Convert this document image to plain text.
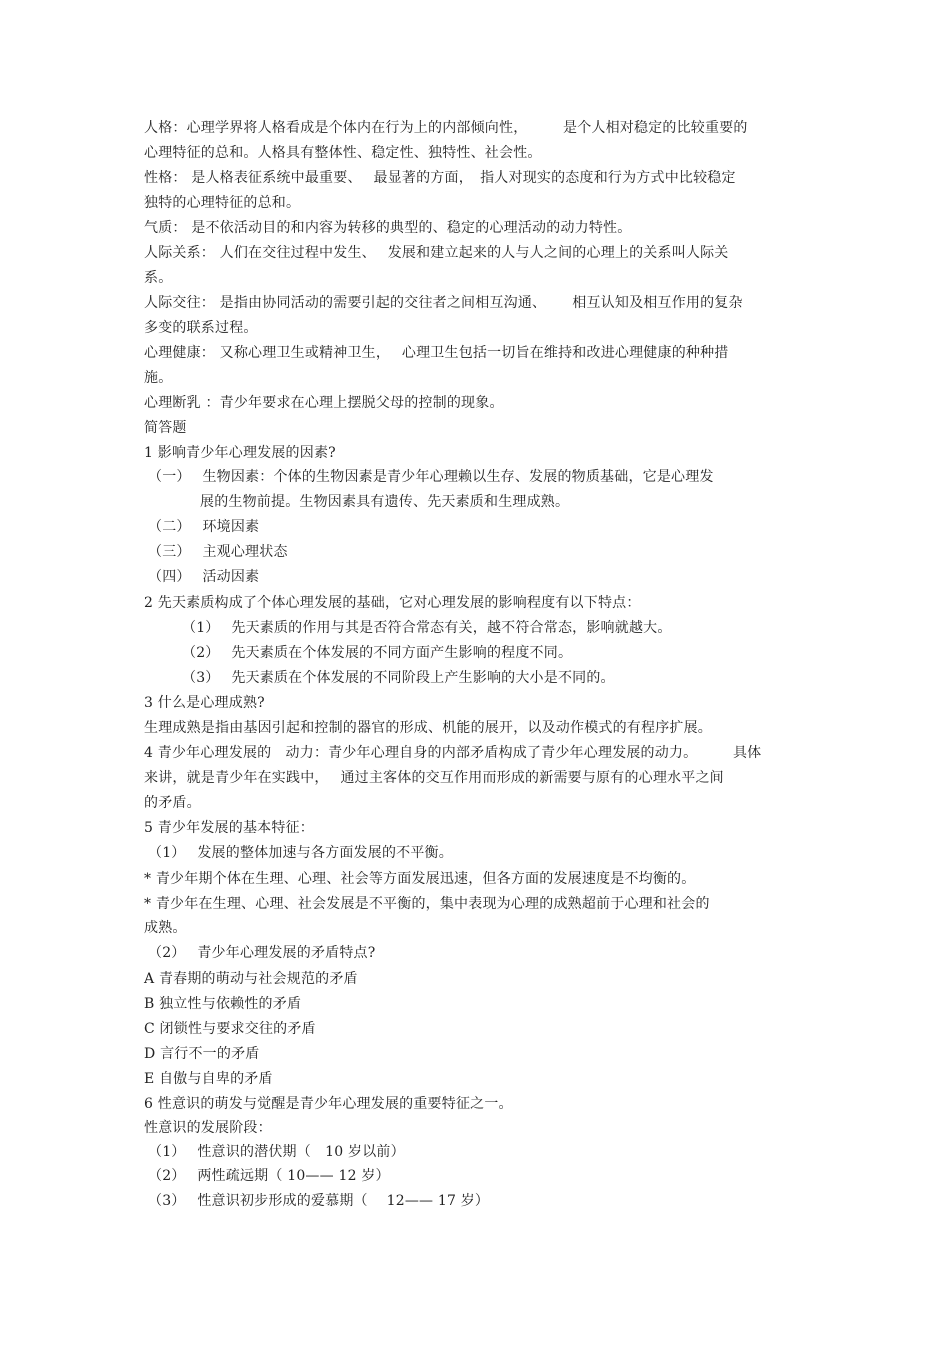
人格：心理学界将人格看成是个体内在行为上的内部倾向性，　　　是个人相对稳定的比较重要的
心理特征的总和。人格具有整体性、稳定性、独特性、社会性。
性格： 是人格表征系统中最重要、　 最显著的方面，　指人对现实的态度和行为方式中比较稳定
独特的心理特征的总和。
气质： 是不依活动目的和内容为转移的典型的、稳定的心理活动的动力特性。
人际关系： 人们在交往过程中发生、　 发展和建立起来的人与人之间的心理上的关系叫人际关
系。
人际交往： 是指由协同活动的需要引起的交往者之间相互沟通、　　 相互认知及相互作用的复杂
多变的联系过程。
心理健康： 又称心理卫生或精神卫生，　 心理卫生包括一切旨在维持和改进心理健康的种种措
施。
心理断乳 ：青少年要求在心理上摆脱父母的控制的现象。
简答题
1 影响青少年心理发展的因素?
（一）　 生物因素：个体的生物因素是青少年心理赖以生存、发展的物质基础，它是心理发
展的生物前提。生物因素具有遗传、先天素质和生理成熟。
（二）　 环境因素
（三）　 主观心理状态
（四）　 活动因素
2 先天素质构成了个体心理发展的基础，它对心理发展的影响程度有以下特点：
（1）　 先天素质的作用与其是否符合常态有关，越不符合常态，影响就越大。
（2）　 先天素质在个体发展的不同方面产生影响的程度不同。
（3）　 先天素质在个体发展的不同阶段上产生影响的大小是不同的。
3 什么是心理成熟?
生理成熟是指由基因引起和控制的器官的形成、机能的展开，以及动作模式的有程序扩展。
4 青少年心理发展的　动力：青少年心理自身的内部矛盾构成了青少年心理发展的动力。　　　具体
来讲，就是青少年在实践中，　 通过主客体的交互作用而形成的新需要与原有的心理水平之间
的矛盾。
5 青少年发展的基本特征：
（1）　 发展的整体加速与各方面发展的不平衡。
* 青少年期个体在生理、心理、社会等方面发展迅速，但各方面的发展速度是不均衡的。
* 青少年在生理、心理、社会发展是不平衡的，集中表现为心理的成熟超前于心理和社会的
成熟。
（2）　 青少年心理发展的矛盾特点?
A 青春期的萌动与社会规范的矛盾
B 独立性与依赖性的矛盾
C 闭锁性与要求交往的矛盾
D 言行不一的矛盾
E 自傲与自卑的矛盾
6 性意识的萌发与觉醒是青少年心理发展的重要特征之一。
性意识的发展阶段：
（1）　 性意识的潜伏期（　10 岁以前）
（2）　 两性疏远期（ 10—— 12 岁）
（3）　 性意识初步形成的爱慕期（　 12—— 17 岁）
